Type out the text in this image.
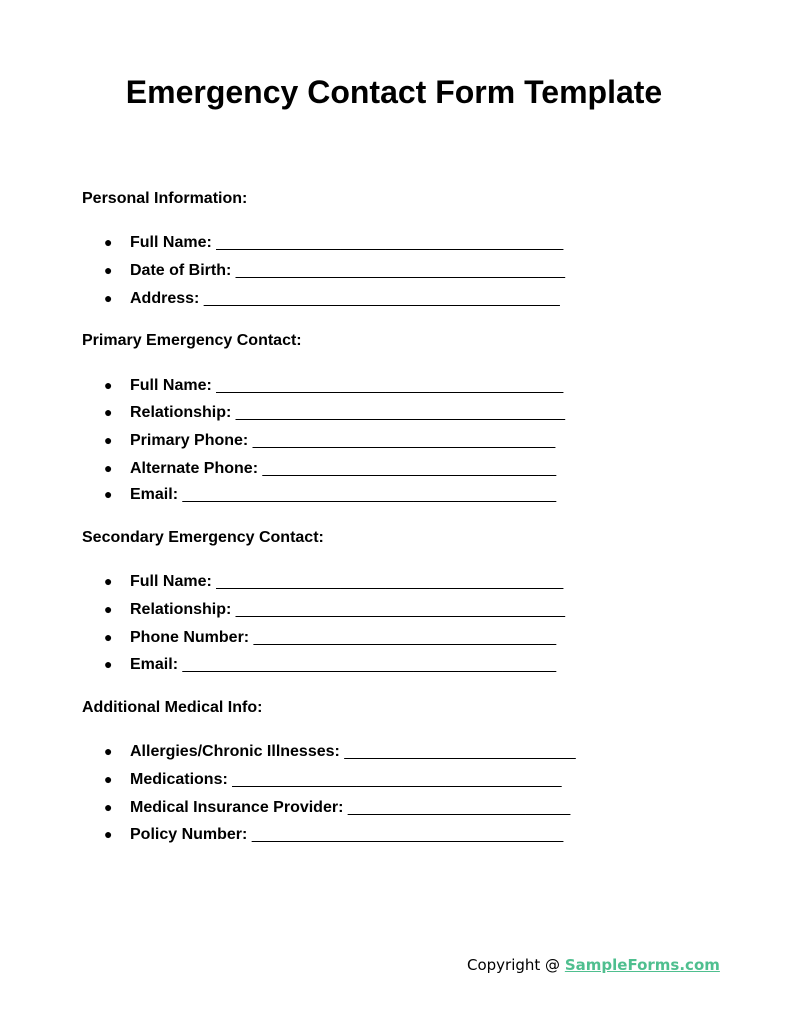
Emergency Contact Form Template
Personal Information:
● Full Name: _______________________________________
● Date of Birth: _____________________________________
● Address: ________________________________________
Primary Emergency Contact:
● Full Name: _______________________________________
● Relationship: _____________________________________
● Primary Phone: __________________________________
● Alternate Phone: _________________________________
● Email: __________________________________________
Secondary Emergency Contact:
● Full Name: _______________________________________
● Relationship: _____________________________________
● Phone Number: __________________________________
● Email: __________________________________________
Additional Medical Info:
● Allergies/Chronic Illnesses: __________________________
● Medications: _____________________________________
● Medical Insurance Provider: _________________________
● Policy Number: ___________________________________
Copyright @ SampleForms.com
